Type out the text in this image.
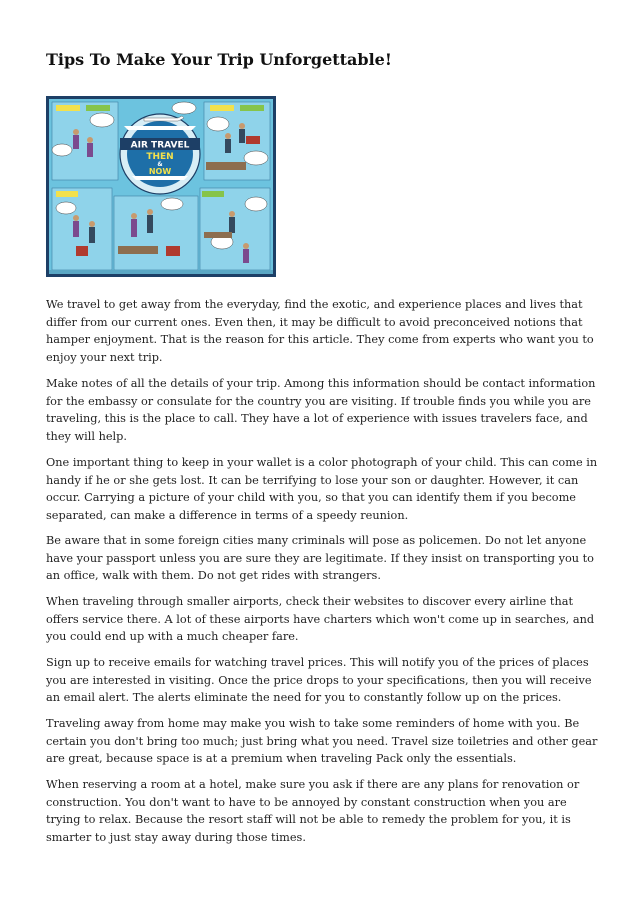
Tips To Make Your Trip Unforgettable!
AIR TRAVEL
THEN
&
NOW

We travel to get away from the everyday, find the exotic, and experience places and lives that differ from our current ones. Even then, it may be difficult to avoid preconceived notions that hamper enjoyment. That is the reason for this article. They come from experts who want you to enjoy your next trip.

Make notes of all the details of your trip. Among this information should be contact information for the embassy or consulate for the country you are visiting. If trouble finds you while you are traveling, this is the place to call. They have a lot of experience with issues travelers face, and they will help.

One important thing to keep in your wallet is a color photograph of your child. This can come in handy if he or she gets lost. It can be terrifying to lose your son or daughter. However, it can occur. Carrying a picture of your child with you, so that you can identify them if you become separated, can make a difference in terms of a speedy reunion.

Be aware that in some foreign cities many criminals will pose as policemen. Do not let anyone have your passport unless you are sure they are legitimate. If they insist on transporting you to an office, walk with them. Do not get rides with strangers.

When traveling through smaller airports, check their websites to discover every airline that offers service there. A lot of these airports have charters which won't come up in searches, and you could end up with a much cheaper fare.

Sign up to receive emails for watching travel prices. This will notify you of the prices of places you are interested in visiting. Once the price drops to your specifications, then you will receive an email alert. The alerts eliminate the need for you to constantly follow up on the prices.

Traveling away from home may make you wish to take some reminders of home with you. Be certain you don't bring too much; just bring what you need. Travel size toiletries and other gear are great, because space is at a premium when traveling Pack only the essentials.

When reserving a room at a hotel, make sure you ask if there are any plans for renovation or construction. You don't want to have to be annoyed by constant construction when you are trying to relax. Because the resort staff will not be able to remedy the problem for you, it is smarter to just stay away during those times.
